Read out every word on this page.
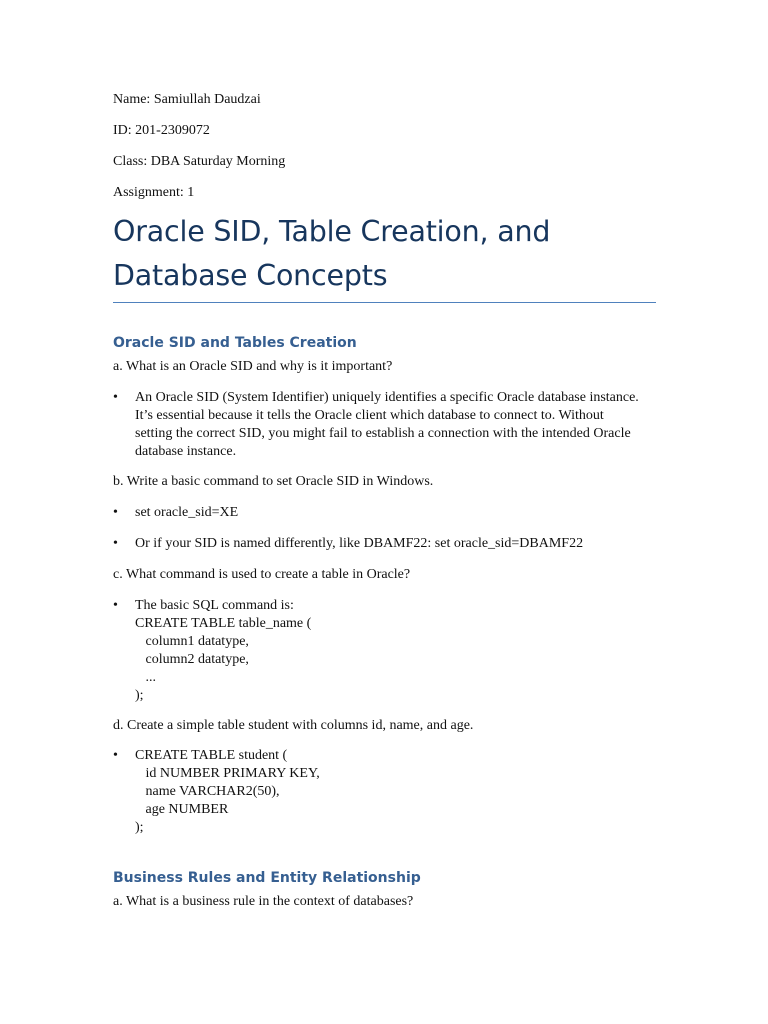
Name: Samiullah Daudzai
ID: 201-2309072
Class: DBA Saturday Morning
Assignment: 1
Oracle SID, Table Creation, and
Database Concepts
Oracle SID and Tables Creation
a. What is an Oracle SID and why is it important?
• An Oracle SID (System Identifier) uniquely identifies a specific Oracle database instance.
It’s essential because it tells the Oracle client which database to connect to. Without
setting the correct SID, you might fail to establish a connection with the intended Oracle
database instance.
b. Write a basic command to set Oracle SID in Windows.
• set oracle_sid=XE
• Or if your SID is named differently, like DBAMF22: set oracle_sid=DBAMF22
c. What command is used to create a table in Oracle?
• The basic SQL command is:
CREATE TABLE table_name (
column1 datatype,
column2 datatype,
...
);
d. Create a simple table student with columns id, name, and age.
• CREATE TABLE student (
id NUMBER PRIMARY KEY,
name VARCHAR2(50),
age NUMBER
);
Business Rules and Entity Relationship
a. What is a business rule in the context of databases?
